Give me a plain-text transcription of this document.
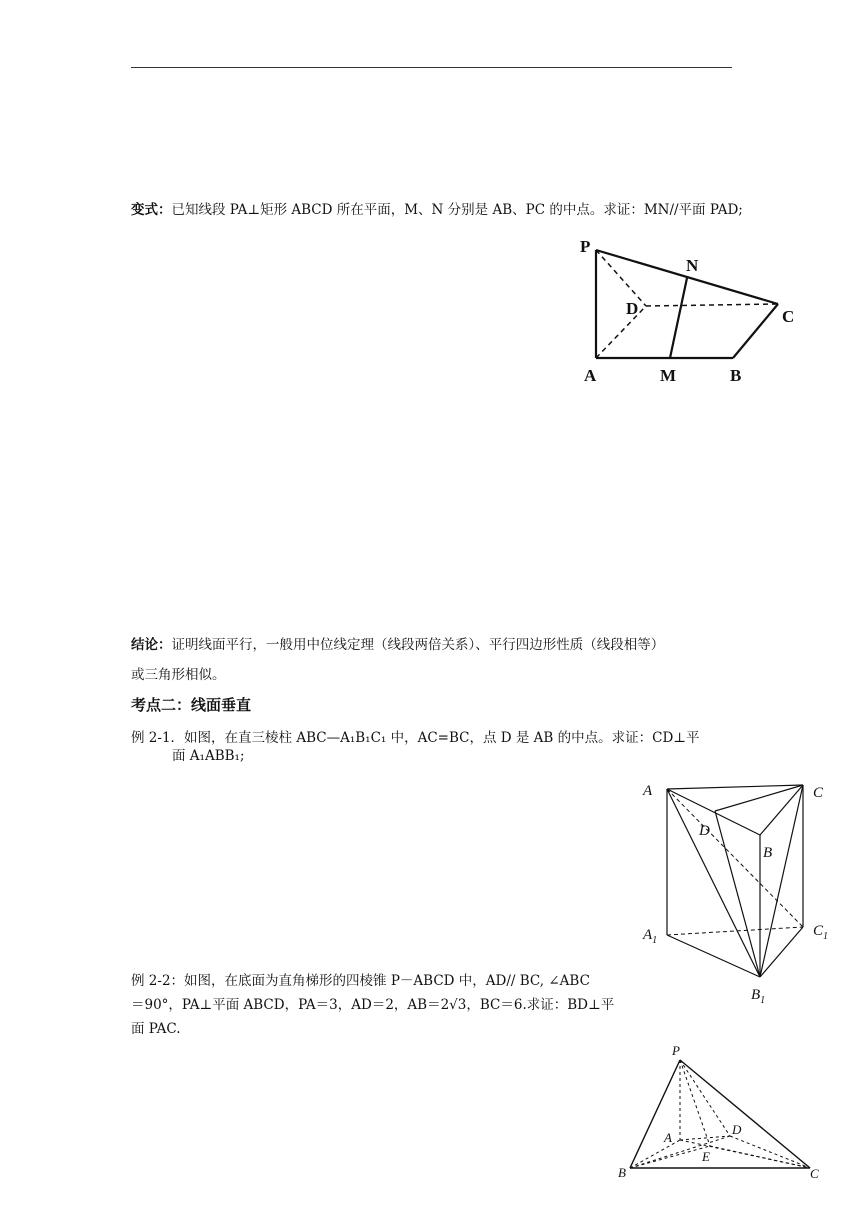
变式：已知线段 PA⊥矩形 ABCD 所在平面，M、N 分别是 AB、PC 的中点。求证：MN//平面 PAD;
P
N
D	C
A	M	B
结论：证明线面平行，一般用中位线定理（线段两倍关系）、平行四边形性质（线段相等）
或三角形相似。
考点二：线面垂直
例 2-1．如图，在直三棱柱 ABC—A₁B₁C₁ 中，AC=BC，点 D 是 AB 的中点。求证：CD⊥平
面 A₁ABB₁;
A	C
D
B
$A_1$
$C_1$
$B_1$
例 2-2：如图，在底面为直角梯形的四棱锥 P－ABCD 中，AD// BC, ∠ABC
＝90°，PA⊥平面 ABCD，PA＝3，AD＝2，AB＝2√3，BC＝6.求证：BD⊥平
面 PAC.
P
A
D
E
B	C
